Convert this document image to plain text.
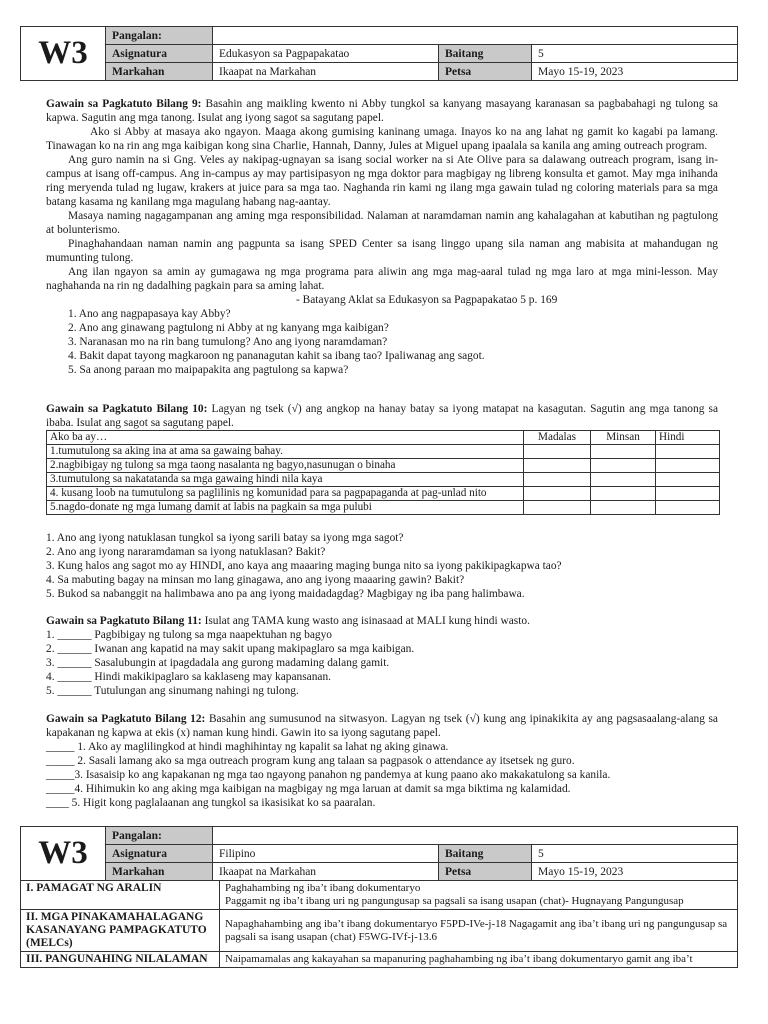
W3	Pangalan:			
	Asignatura	Edukasyon sa Pagpapakatao	Baitang	5
	Markahan	Ikaapat na Markahan	Petsa	Mayo 15-19, 2023

Gawain sa Pagkatuto Bilang 9: Basahin ang maikling kwento ni Abby tungkol sa kanyang masayang karanasan sa pagbabahagi ng tulong sa kapwa. Sagutin ang mga tanong. Isulat ang iyong sagot sa sagutang papel.

Ako si Abby at masaya ako ngayon. Maaga akong gumising kaninang umaga. Inayos ko na ang lahat ng gamit ko kagabi pa lamang. Tinawagan ko na rin ang mga kaibigan kong sina Charlie, Hannah, Danny, Jules at Miguel upang ipaalala sa kanila ang aming outreach program.

Ang guro namin na si Gng. Veles ay nakipag-ugnayan sa isang social worker na si Ate Olive para sa dalawang outreach program, isang in-campus at isang off-campus. Ang in-campus ay may partisipasyon ng mga doktor para magbigay ng libreng konsulta et gamot. May mga inihanda ring meryenda tulad ng lugaw, krakers at juice para sa mga tao. Naghanda rin kami ng ilang mga gawain tulad ng coloring materials para sa mga batang kasama ng kanilang mga magulang habang nag-aantay.

Masaya naming nagagampanan ang aming mga responsibilidad. Nalaman at naramdaman namin ang kahalagahan at kabutihan ng pagtulong at bolunterismo.

Pinaghahandaan naman namin ang pagpunta sa isang SPED Center sa isang linggo upang sila naman ang mabisita at mahandugan ng mumunting tulong.

Ang ilan ngayon sa amin ay gumagawa ng mga programa para aliwin ang mga mag-aaral tulad ng mga laro at mga mini-lesson. May naghahanda na rin ng dadalhing pagkain para sa aming lahat.

- Batayang Aklat sa Edukasyon sa Pagpapakatao 5 p. 169

1. Ano ang nagpapasaya kay Abby?
2. Ano ang ginawang pagtulong ni Abby at ng kanyang mga kaibigan?
3. Naranasan mo na rin bang tumulong? Ano ang iyong naramdaman?
4. Bakit dapat tayong magkaroon ng pananagutan kahit sa ibang tao? Ipaliwanag ang sagot.
5. Sa anong paraan mo maipapakita ang pagtulong sa kapwa?

Gawain sa Pagkatuto Bilang 10: Lagyan ng tsek (√) ang angkop na hanay batay sa iyong matapat na kasagutan. Sagutin ang mga tanong sa ibaba. Isulat ang sagot sa sagutang papel.

Ako ba ay…	Madalas	Minsan	Hindi
1.tumutulong sa aking ina at ama sa gawaing bahay.			
2.nagbibigay ng tulong sa mga taong nasalanta ng bagyo,nasunugan o binaha			
3.tumutulong sa nakatatanda sa mga gawaing hindi nila kaya			
4. kusang loob na tumutulong sa paglilinis ng komunidad para sa pagpapaganda at pag-unlad nito			
5.nagdo-donate ng mga lumang damit at labis na pagkain sa mga pulubi			
1. Ano ang iyong natuklasan tungkol sa iyong sarili batay sa iyong mga sagot?
2. Ano ang iyong nararamdaman sa iyong natuklasan? Bakit?
3. Kung halos ang sagot mo ay HINDI, ano kaya ang maaaring maging bunga nito sa iyong pakikipagkapwa tao?
4. Sa mabuting bagay na minsan mo lang ginagawa, ano ang iyong maaaring gawin? Bakit?
5. Bukod sa nabanggit na halimbawa ano pa ang iyong maidadagdag? Magbigay ng iba pang halimbawa.

Gawain sa Pagkatuto Bilang 11: Isulat ang TAMA kung wasto ang isinasaad at MALI kung hindi wasto.

1. ______ Pagbibigay ng tulong sa mga naapektuhan ng bagyo
2. ______ Iwanan ang kapatid na may sakit upang makipaglaro sa mga kaibigan.
3. ______ Sasalubungin at ipagdadala ang gurong madaming dalang gamit.
4. ______ Hindi makikipaglaro sa kaklaseng may kapansanan.
5. ______ Tutulungan ang sinumang nahingi ng tulong.

Gawain sa Pagkatuto Bilang 12: Basahin ang sumusunod na sitwasyon. Lagyan ng tsek (√) kung ang ipinakikita ay ang pagsasaalang-alang sa kapakanan ng kapwa at ekis (x) naman kung hindi. Gawin ito sa iyong sagutang papel.

_____ 1. Ako ay maglilingkod at hindi maghihintay ng kapalit sa lahat ng aking ginawa.
_____ 2. Sasali lamang ako sa mga outreach program kung ang talaan sa pagpasok o attendance ay itsetsek ng guro.
_____3. Isasaisip ko ang kapakanan ng mga tao ngayong panahon ng pandemya at kung paano ako makakatulong sa kanila.
_____4. Hihimukin ko ang aking mga kaibigan na magbigay ng mga laruan at damit sa mga biktima ng kalamidad.
____ 5. Higit kong paglalaanan ang tungkol sa ikasisikat ko sa paaralan.
W3	Pangalan:			
	Asignatura	Filipino	Baitang	5
	Markahan	Ikaapat na Markahan	Petsa	Mayo 15-19, 2023
I. PAMAGAT NG ARALIN	Paghahambing ng iba’t ibang dokumentaryo
Paggamit ng iba’t ibang uri ng pangungusap sa pagsali sa isang usapan (chat)- Hugnayang Pangungusap

II. MGA PINAKAMAHALAGANG KASANAYANG PAMPAGKATUTO (MELCs)	Napaghahambing ang iba’t ibang dokumentaryo F5PD-IVe-j-18 Nagagamit ang iba’t ibang uri ng pangungusap sa pagsali sa isang usapan (chat) F5WG-IVf-j-13.6
III. PANGUNAHING NILALAMAN	Naipamamalas ang kakayahan sa mapanuring paghahambing ng iba’t ibang dokumentaryo gamit ang iba’t
